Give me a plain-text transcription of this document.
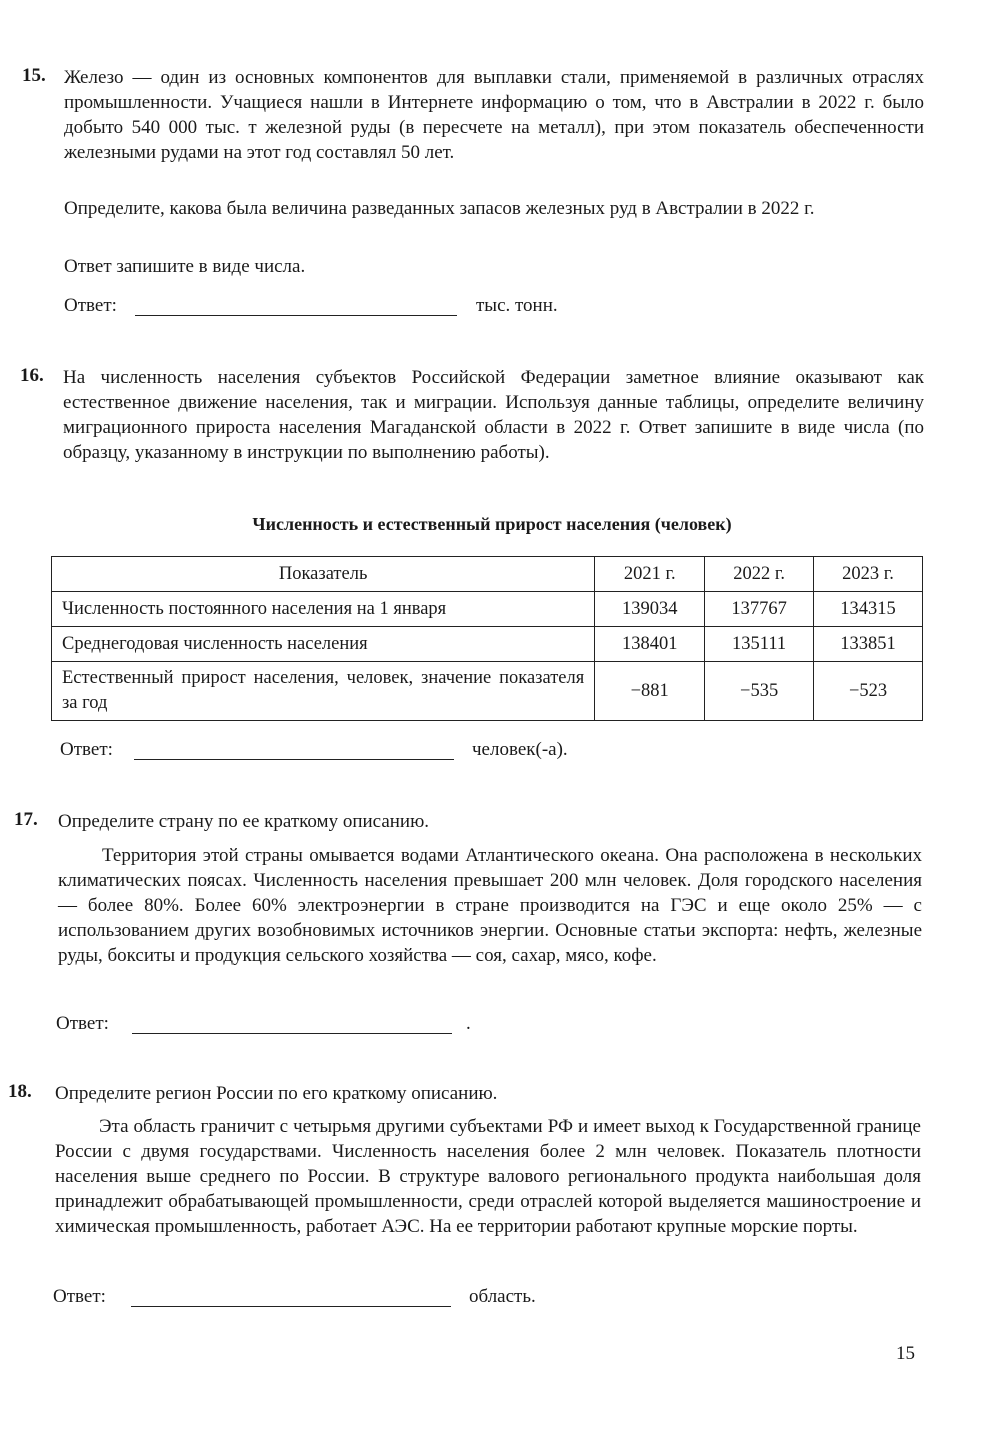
15. Железо — один из основных компонентов для выплавки стали, применяемой в различных отраслях промышленности. Учащиеся нашли в Интернете информацию о том, что в Австралии в 2022 г. было добыто 540 000 тыс. т железной руды (в пересчете на металл), при этом показатель обеспеченности железными рудами на этот год составлял 50 лет.
Определите, какова была величина разведанных запасов железных руд в Австралии в 2022 г.
Ответ запишите в виде числа.
Ответ:	тыс. тонн.
16. На численность населения субъектов Российской Федерации заметное влияние оказывают как естественное движение населения, так и миграции. Используя данные таблицы, определите величину миграционного прироста населения Магаданской области в 2022 г. Ответ запишите в виде числа (по образцу, указанному в инструкции по выполнению работы).
Численность и естественный прирост населения (человек)
Показатель	2021 г.	2022 г.	2023 г.
Численность постоянного населения на 1 января	139034	137767	134315
Среднегодовая численность населения	138401	135111	133851
Естественный прирост населения, человек, значение показателя за год	−881	−535	−523
Ответ:	человек(-а).
17. Определите страну по ее краткому описанию.
Территория этой страны омывается водами Атлантического океана. Она расположена в нескольких климатических поясах. Численность населения превышает 200 млн человек. Доля городского населения — более 80%. Более 60% электроэнергии в стране производится на ГЭС и еще около 25% — с использованием других возобновимых источников энергии. Основные статьи экспорта: нефть, железные руды, бокситы и продукция сельского хозяйства — соя, сахар, мясо, кофе.
Ответ:	.
18. Определите регион России по его краткому описанию.
Эта область граничит с четырьмя другими субъектами РФ и имеет выход к Государственной границе России с двумя государствами. Численность населения более 2 млн человек. Показатель плотности населения выше среднего по России. В структуре валового регионального продукта наибольшая доля принадлежит обрабатывающей промышленности, среди отраслей которой выделяется машиностроение и химическая промышленность, работает АЭС. На ее территории работают крупные морские порты.
Ответ:	область.
15
